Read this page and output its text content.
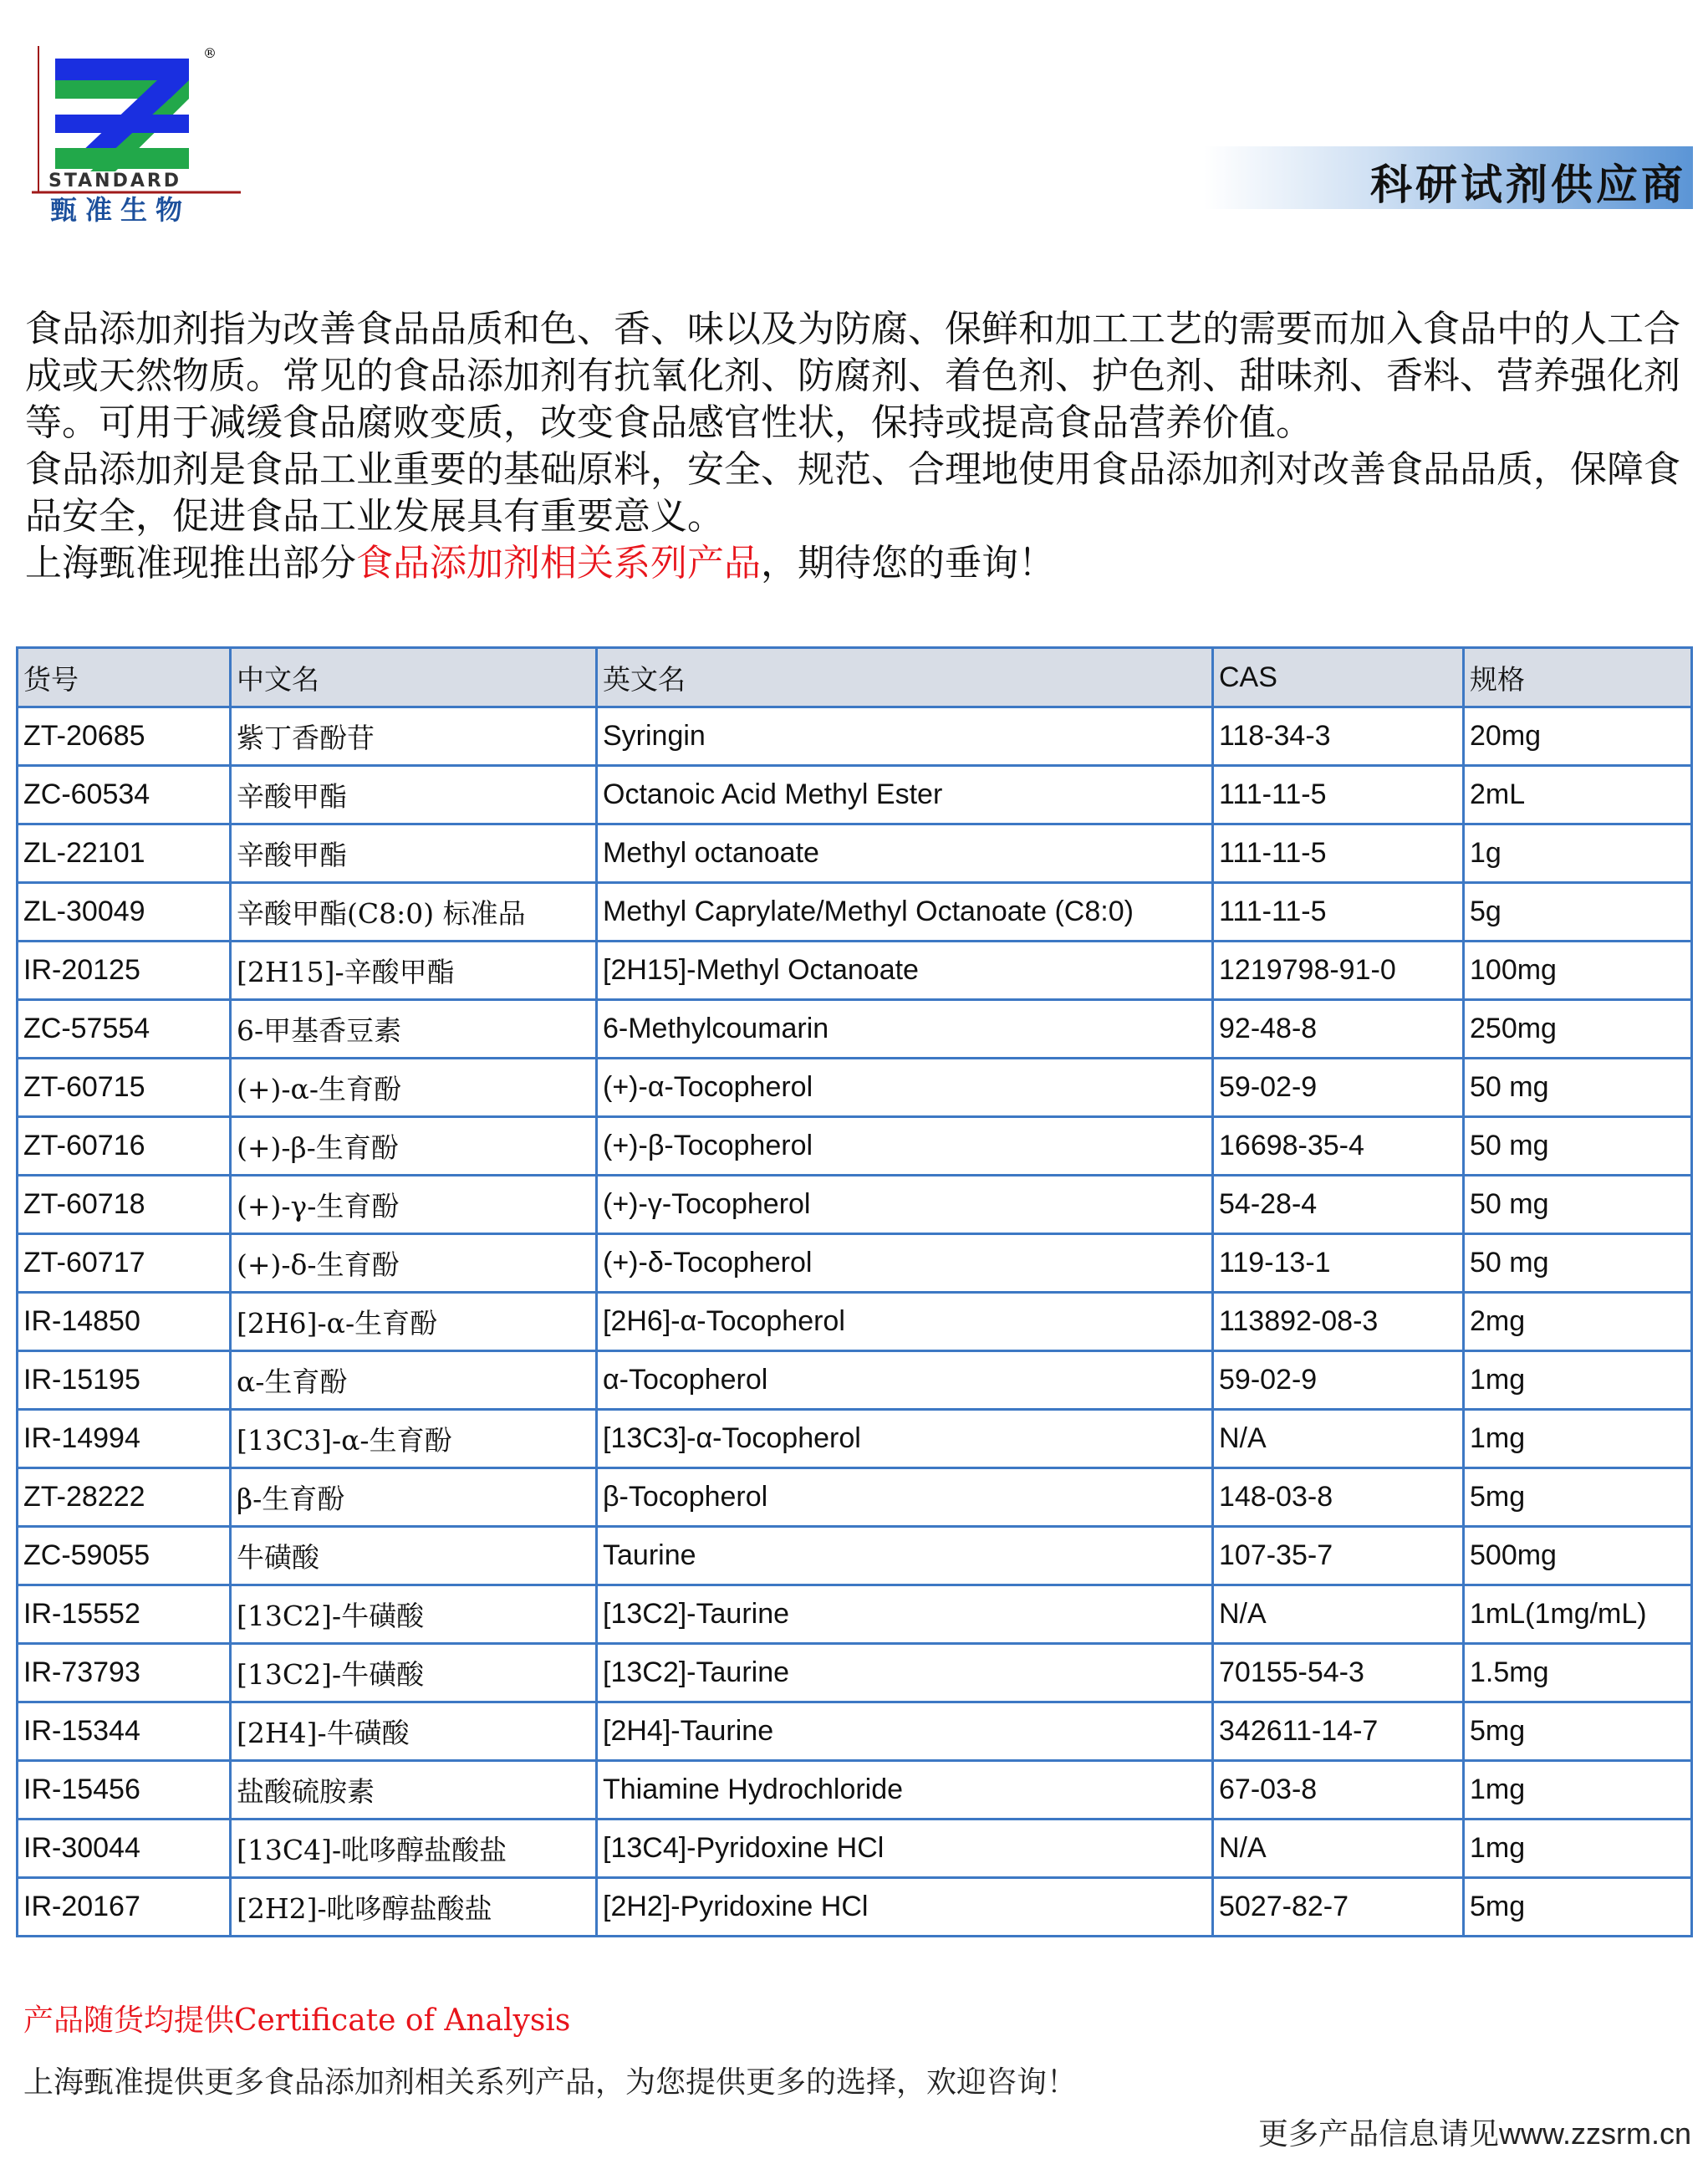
®
STANDARD
甄准生物
科研试剂供应商

食品添加剂指为改善食品品质和色、香、味以及为防腐、保鲜和加工工艺的需要而加入食品中的人工合成或天然物质。常见的食品添加剂有抗氧化剂、防腐剂、着色剂、护色剂、甜味剂、香料、营养强化剂等。可用于减缓食品腐败变质，改变食品感官性状，保持或提高食品营养价值。

食品添加剂是食品工业重要的基础原料，安全、规范、合理地使用食品添加剂对改善食品品质，保障食品安全，促进食品工业发展具有重要意义。

上海甄准现推出部分食品添加剂相关系列产品，期待您的垂询！

货号	中文名	英文名	CAS	规格
ZT-20685	紫丁香酚苷	Syringin	118-34-3	20mg
ZC-60534	辛酸甲酯	Octanoic Acid Methyl Ester	111-11-5	2mL
ZL-22101	辛酸甲酯	Methyl octanoate	111-11-5	1g
ZL-30049	辛酸甲酯(C8:0) 标准品	Methyl Caprylate/Methyl Octanoate (C8:0)	111-11-5	5g
IR-20125	[2H15]-辛酸甲酯	[2H15]-Methyl Octanoate	1219798-91-0	100mg
ZC-57554	6-甲基香豆素	6-Methylcoumarin	92-48-8	250mg
ZT-60715	(+)-α-生育酚	(+)-α-Tocopherol	59-02-9	50 mg
ZT-60716	(+)-β-生育酚	(+)-β-Tocopherol	16698-35-4	50 mg
ZT-60718	(+)-γ-生育酚	(+)-γ-Tocopherol	54-28-4	50 mg
ZT-60717	(+)-δ-生育酚	(+)-δ-Tocopherol	119-13-1	50 mg
IR-14850	[2H6]-α-生育酚	[2H6]-α-Tocopherol	113892-08-3	2mg
IR-15195	α-生育酚	α-Tocopherol	59-02-9	1mg
IR-14994	[13C3]-α-生育酚	[13C3]-α-Tocopherol	N/A	1mg
ZT-28222	β-生育酚	β-Tocopherol	148-03-8	5mg
ZC-59055	牛磺酸	Taurine	107-35-7	500mg
IR-15552	[13C2]-牛磺酸	[13C2]-Taurine	N/A	1mL(1mg/mL)
IR-73793	[13C2]-牛磺酸	[13C2]-Taurine	70155-54-3	1.5mg
IR-15344	[2H4]-牛磺酸	[2H4]-Taurine	342611-14-7	5mg
IR-15456	盐酸硫胺素	Thiamine Hydrochloride	67-03-8	1mg
IR-30044	[13C4]-吡哆醇盐酸盐	[13C4]-Pyridoxine HCl	N/A	1mg
IR-20167	[2H2]-吡哆醇盐酸盐	[2H2]-Pyridoxine HCl	5027-82-7	5mg
产品随货均提供Certificate of Analysis
上海甄准提供更多食品添加剂相关系列产品，为您提供更多的选择，欢迎咨询！
更多产品信息请见www.zzsrm.cn
